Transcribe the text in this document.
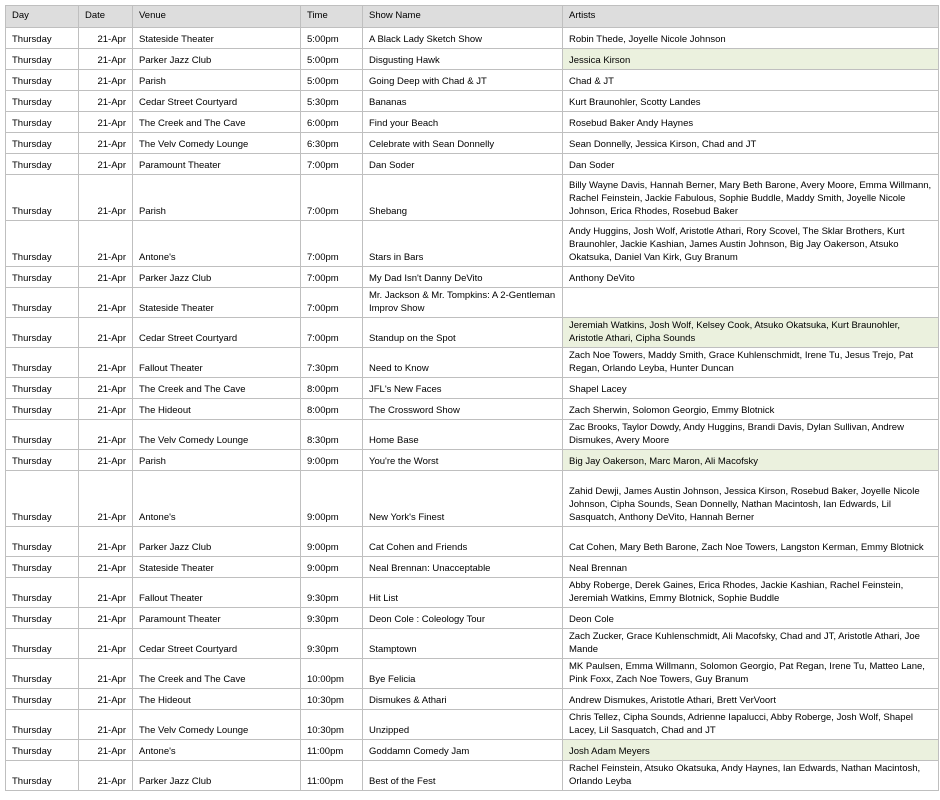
Day	Date	Venue	Time	Show Name	Artists
Thursday	21-Apr	Stateside Theater	5:00pm	A Black Lady Sketch Show	Robin Thede, Joyelle Nicole Johnson
Thursday	21-Apr	Parker Jazz Club	5:00pm	Disgusting Hawk	Jessica Kirson
Thursday	21-Apr	Parish	5:00pm	Going Deep with Chad & JT	Chad & JT
Thursday	21-Apr	Cedar Street Courtyard	5:30pm	Bananas	Kurt Braunohler, Scotty Landes
Thursday	21-Apr	The Creek and The Cave	6:00pm	Find your Beach	Rosebud Baker Andy Haynes
Thursday	21-Apr	The Velv Comedy Lounge	6:30pm	Celebrate with Sean Donnelly	Sean Donnelly, Jessica Kirson, Chad and JT
Thursday	21-Apr	Paramount Theater	7:00pm	Dan Soder	Dan Soder
Thursday	21-Apr	Parish	7:00pm	Shebang	Billy Wayne Davis, Hannah Berner, Mary Beth Barone, Avery Moore, Emma Willmann, Rachel Feinstein, Jackie Fabulous, Sophie Buddle, Maddy Smith, Joyelle Nicole Johnson, Erica Rhodes, Rosebud Baker
Thursday	21-Apr	Antone's	7:00pm	Stars in Bars	Andy Huggins, Josh Wolf, Aristotle Athari, Rory Scovel, The Sklar Brothers, Kurt Braunohler, Jackie Kashian, James Austin Johnson, Big Jay Oakerson, Atsuko Okatsuka, Daniel Van Kirk, Guy Branum
Thursday	21-Apr	Parker Jazz Club	7:00pm	My Dad Isn't Danny DeVito	Anthony DeVito
Thursday	21-Apr	Stateside Theater	7:00pm	Mr. Jackson & Mr. Tompkins: A 2-Gentleman Improv Show	
Thursday	21-Apr	Cedar Street Courtyard	7:00pm	Standup on the Spot	Jeremiah Watkins, Josh Wolf, Kelsey Cook, Atsuko Okatsuka, Kurt Braunohler, Aristotle Athari, Cipha Sounds
Thursday	21-Apr	Fallout Theater	7:30pm	Need to Know	Zach Noe Towers, Maddy Smith, Grace Kuhlenschmidt, Irene Tu, Jesus Trejo, Pat Regan, Orlando Leyba, Hunter Duncan
Thursday	21-Apr	The Creek and The Cave	8:00pm	JFL's New Faces	Shapel Lacey
Thursday	21-Apr	The Hideout	8:00pm	The Crossword Show	Zach Sherwin, Solomon Georgio, Emmy Blotnick
Thursday	21-Apr	The Velv Comedy Lounge	8:30pm	Home Base	Zac Brooks, Taylor Dowdy, Andy Huggins, Brandi Davis, Dylan Sullivan, Andrew Dismukes, Avery Moore
Thursday	21-Apr	Parish	9:00pm	You're the Worst	Big Jay Oakerson, Marc Maron, Ali Macofsky
Thursday	21-Apr	Antone's	9:00pm	New York's Finest	Zahid Dewji, James Austin Johnson, Jessica Kirson, Rosebud Baker, Joyelle Nicole Johnson, Cipha Sounds, Sean Donnelly, Nathan Macintosh, Ian Edwards, Lil Sasquatch, Anthony DeVito, Hannah Berner
Thursday	21-Apr	Parker Jazz Club	9:00pm	Cat Cohen and Friends	Cat Cohen, Mary Beth Barone, Zach Noe Towers, Langston Kerman, Emmy Blotnick
Thursday	21-Apr	Stateside Theater	9:00pm	Neal Brennan: Unacceptable	Neal Brennan
Thursday	21-Apr	Fallout Theater	9:30pm	Hit List	Abby Roberge, Derek Gaines, Erica Rhodes, Jackie Kashian, Rachel Feinstein, Jeremiah Watkins, Emmy Blotnick, Sophie Buddle
Thursday	21-Apr	Paramount Theater	9:30pm	Deon Cole : Coleology Tour	Deon Cole
Thursday	21-Apr	Cedar Street Courtyard	9:30pm	Stamptown	Zach Zucker, Grace Kuhlenschmidt, Ali Macofsky, Chad and JT, Aristotle Athari, Joe Mande
Thursday	21-Apr	The Creek and The Cave	10:00pm	Bye Felicia	MK Paulsen, Emma Willmann, Solomon Georgio, Pat Regan, Irene Tu, Matteo Lane, Pink Foxx, Zach Noe Towers, Guy Branum
Thursday	21-Apr	The Hideout	10:30pm	Dismukes & Athari	Andrew Dismukes, Aristotle Athari, Brett VerVoort
Thursday	21-Apr	The Velv Comedy Lounge	10:30pm	Unzipped	Chris Tellez, Cipha Sounds, Adrienne Iapalucci, Abby Roberge, Josh Wolf, Shapel Lacey, Lil Sasquatch, Chad and JT
Thursday	21-Apr	Antone's	11:00pm	Goddamn Comedy Jam	Josh Adam Meyers
Thursday	21-Apr	Parker Jazz Club	11:00pm	Best of the Fest	Rachel Feinstein, Atsuko Okatsuka, Andy Haynes, Ian Edwards, Nathan Macintosh, Orlando Leyba
